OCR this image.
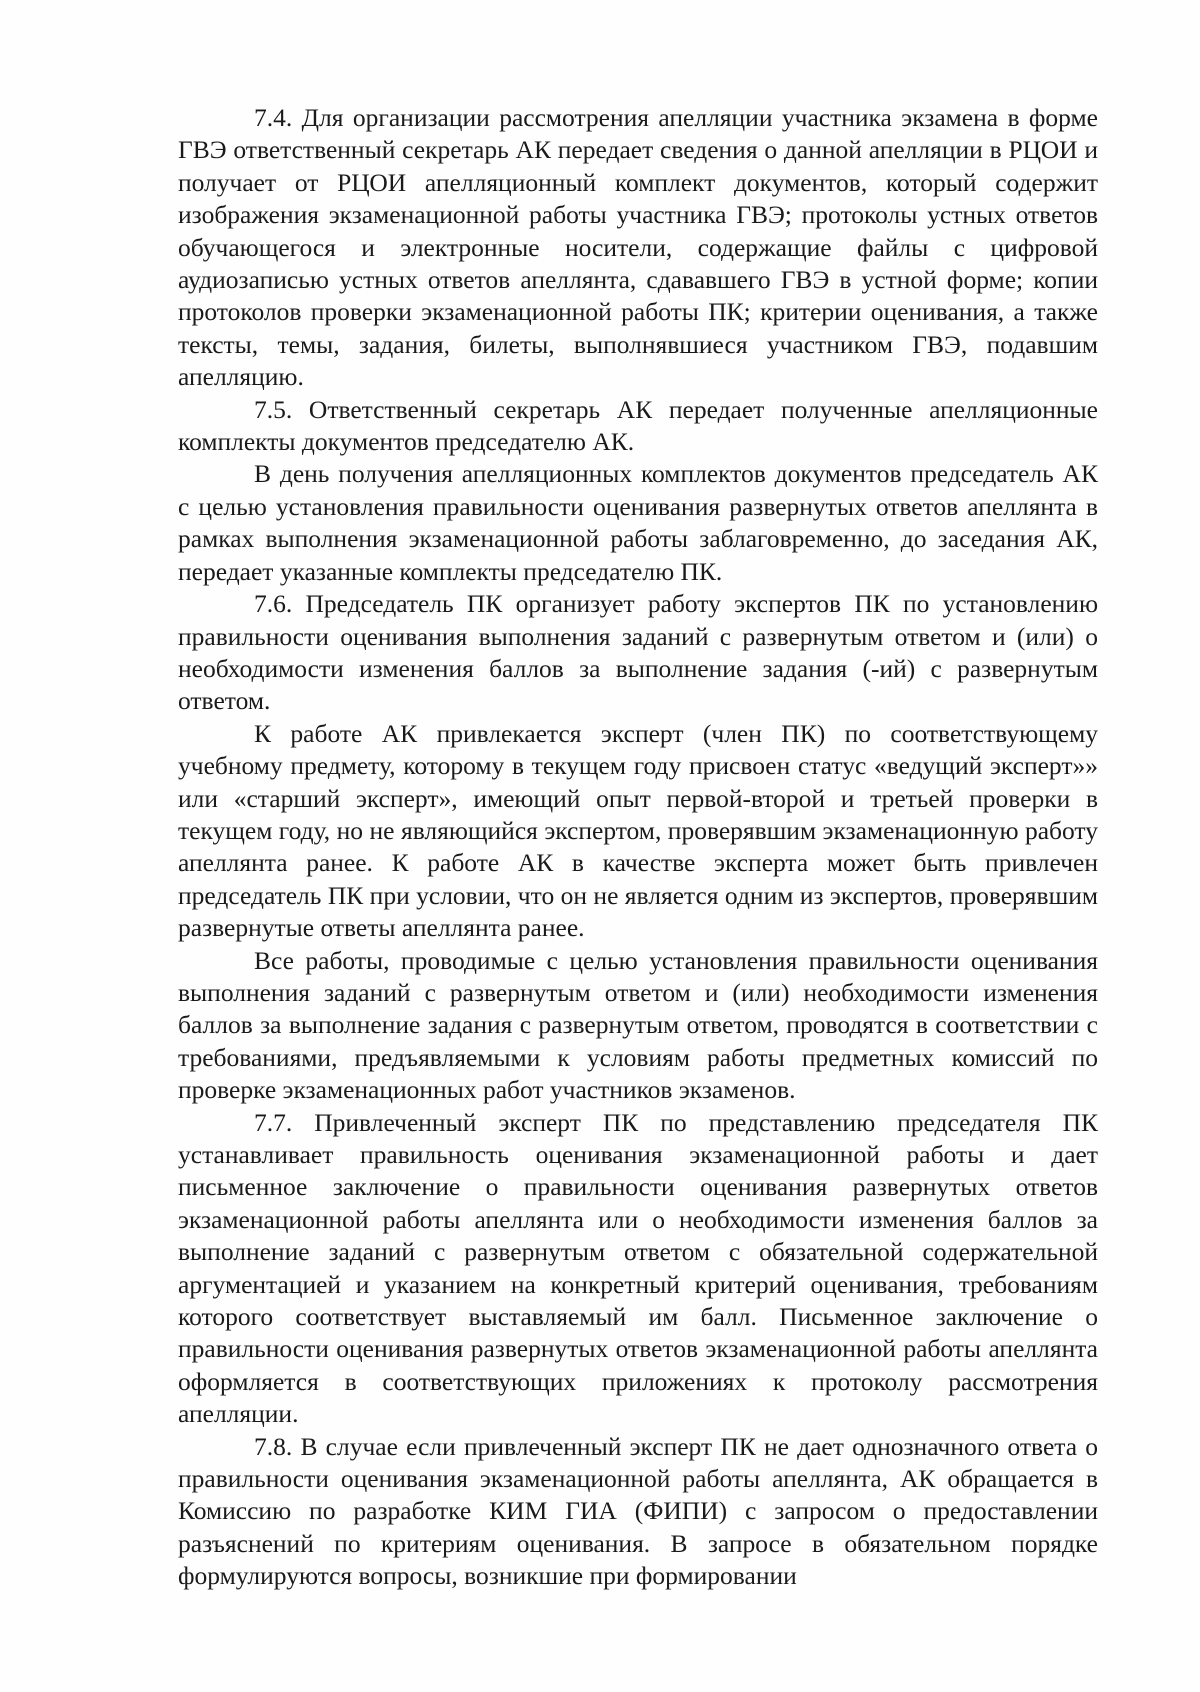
7.4. Для организации рассмотрения апелляции участника экзамена в форме ГВЭ ответственный секретарь АК передает сведения о данной апелляции в РЦОИ и получает от РЦОИ апелляционный комплект документов, который содержит изображения экзаменационной работы участника ГВЭ; протоколы устных ответов обучающегося и электронные носители, содержащие файлы с цифровой аудиозаписью устных ответов апеллянта, сдававшего ГВЭ в устной форме; копии протоколов проверки экзаменационной работы ПК; критерии оценивания, а также тексты, темы, задания, билеты, выполнявшиеся участником ГВЭ, подавшим апелляцию.

7.5. Ответственный секретарь АК передает полученные апелляционные комплекты документов председателю АК.

В день получения апелляционных комплектов документов председатель АК с целью установления правильности оценивания развернутых ответов апеллянта в рамках выполнения экзаменационной работы заблаговременно, до заседания АК, передает указанные комплекты председателю ПК.

7.6. Председатель ПК организует работу экспертов ПК по установлению правильности оценивания выполнения заданий с развернутым ответом и (или) о необходимости изменения баллов за выполнение задания (-ий) с развернутым ответом.

К работе АК привлекается эксперт (член ПК) по соответствующему учебному предмету, которому в текущем году присвоен статус «ведущий эксперт»» или «старший эксперт», имеющий опыт первой-второй и третьей проверки в текущем году, но не являющийся экспертом, проверявшим экзаменационную работу апеллянта ранее. К работе АК в качестве эксперта может быть привлечен председатель ПК при условии, что он не является одним из экспертов, проверявшим развернутые ответы апеллянта ранее.

Все работы, проводимые с целью установления правильности оценивания выполнения заданий с развернутым ответом и (или) необходимости изменения баллов за выполнение задания с развернутым ответом, проводятся в соответствии с требованиями, предъявляемыми к условиям работы предметных комиссий по проверке экзаменационных работ участников экзаменов.

7.7. Привлеченный эксперт ПК по представлению председателя ПК устанавливает правильность оценивания экзаменационной работы и дает письменное заключение о правильности оценивания развернутых ответов экзаменационной работы апеллянта или о необходимости изменения баллов за выполнение заданий с развернутым ответом с обязательной содержательной аргументацией и указанием на конкретный критерий оценивания, требованиям которого соответствует выставляемый им балл. Письменное заключение о правильности оценивания развернутых ответов экзаменационной работы апеллянта оформляется в соответствующих приложениях к протоколу рассмотрения апелляции.

7.8. В случае если привлеченный эксперт ПК не дает однозначного ответа о правильности оценивания экзаменационной работы апеллянта, АК обращается в Комиссию по разработке КИМ ГИА (ФИПИ) с запросом о предоставлении разъяснений по критериям оценивания. В запросе в обязательном порядке формулируются вопросы, возникшие при формировании
